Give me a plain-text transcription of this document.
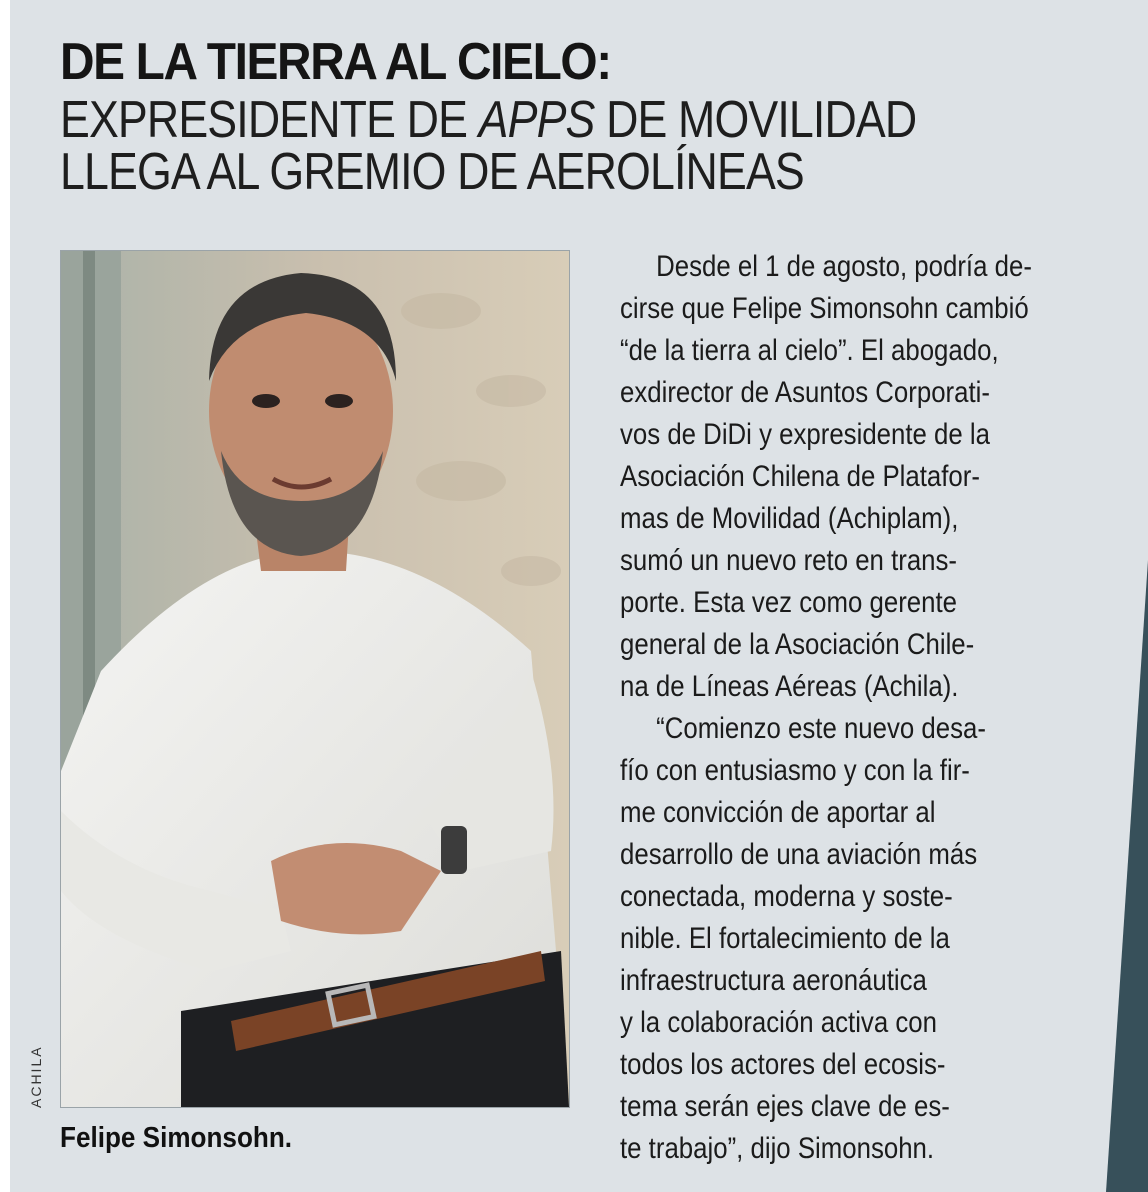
DE LA TIERRA AL CIELO:
EXPRESIDENTE DE APPS DE MOVILIDAD
LLEGA AL GREMIO DE AEROLÍNEAS
ACHILA
Felipe Simonsohn.
Desde el 1 de agosto, podría de-
cirse que Felipe Simonsohn cambió
“de la tierra al cielo”. El abogado,
exdirector de Asuntos Corporati-
vos de DiDi y expresidente de la
Asociación Chilena de Platafor-
mas de Movilidad (Achiplam),
sumó un nuevo reto en trans-
porte. Esta vez como gerente
general de la Asociación Chile-
na de Líneas Aéreas (Achila).
“Comienzo este nuevo desa-
fío con entusiasmo y con la fir-
me convicción de aportar al
desarrollo de una aviación más
conectada, moderna y soste-
nible. El fortalecimiento de la
infraestructura aeronáutica
y la colaboración activa con
todos los actores del ecosis-
tema serán ejes clave de es-
te trabajo”, dijo Simonsohn.
